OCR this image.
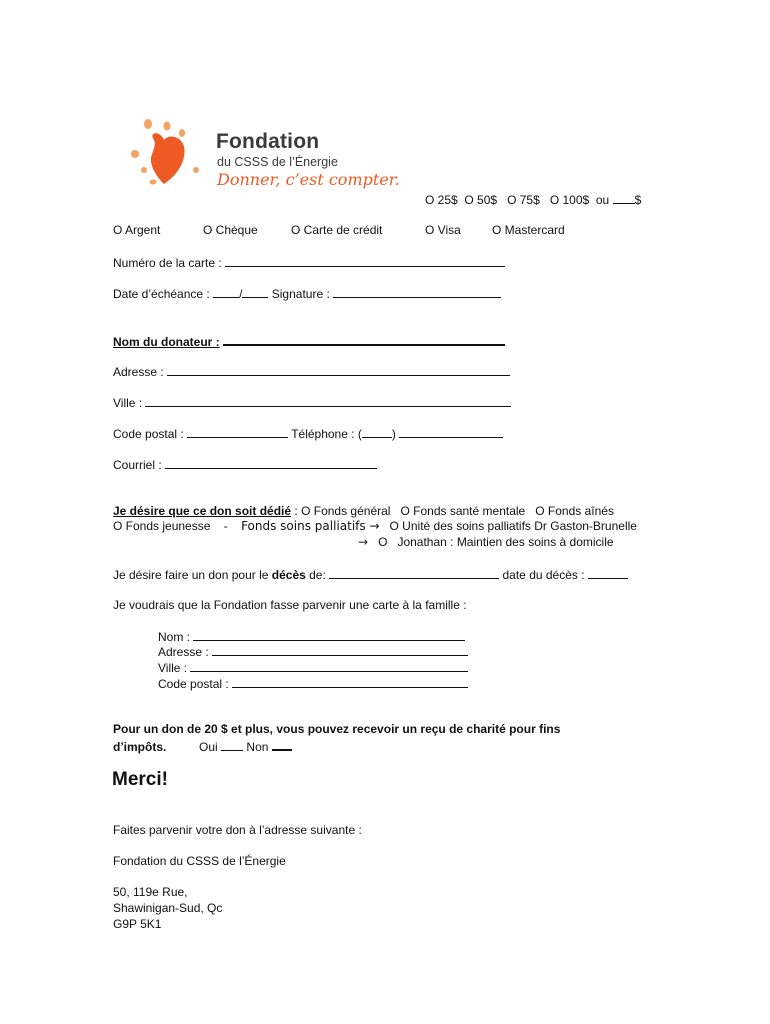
Fondation
du CSSS de l’Énergie
Donner, c’est compter.
O 25$ O 50$ O 75$ O 100$ ou $
O Argent	O Chèque	O Carte de crédit	O Visa	O Mastercard
Numéro de la carte :
Date d’échéance : / Signature :
Nom du donateur :
Adresse :
Ville :
Code postal :	Téléphone : (	)
Courriel :
Je désire que ce don soit dédié : O Fonds général O Fonds santé mentale O Fonds aînés
O Fonds jeunesse - Fonds soins palliatifs → O Unité des soins palliatifs Dr Gaston-Brunelle
→ O Jonathan : Maintien des soins à domicile
Je désire faire un don pour le décès de:	date du décès :
Je voudrais que la Fondation fasse parvenir une carte à la famille :
Nom :
Adresse :
Ville :
Code postal :
Pour un don de 20 $ et plus, vous pouvez recevoir un reçu de charité pour fins
d’impôts.	Oui Non
Merci!
Faites parvenir votre don à l’adresse suivante :
Fondation du CSSS de l’Énergie
50, 119e Rue,
Shawinigan-Sud, Qc
G9P 5K1
